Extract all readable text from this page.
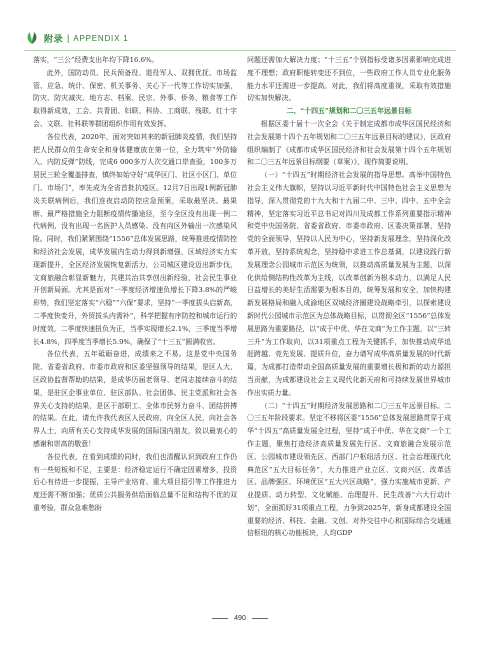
附录 | APPENDIX 1

落实，“三公”经费支出年均下降16.6%。

此外，国防动员、民兵预备役、退役军人、双拥优抚、市场监管、应急、统计、保密、机关事务、关心下一代等工作切实加强，防灾、防灾减灾、地方志、档案、民宗、外事、侨务、粮食等工作取得新成效，工会、共青团、妇联、科协、工商联、残联、红十字会、文联、社科联等群团组织作用有效发挥。

各位代表，2020年，面对突如其来的新冠肺炎疫情，我们坚持把人民群众的生命安全和身体健康放在第一位，全力筑牢“外防输入、内防反弹”防线，完成6 000多万人次交通口岸查验，100多万居民三轮全覆盖排查，镇终如始守好“成华区门、社区小区门、单位门、市场门”，率先成为全省首批抗疫区。12月7日出现1例新冠肺炎关联病例后，我们连夜启动防控应急预案，采取最坚决、最果断、最严格措施全力阻断疫情传播途径，至今全区没有出现一例二代病例，没有出现一名医护人员感染、没有向区外输出一次感染风险。同时，我们紧紧围绕“1556”总体发展思路，统筹推进疫情防控和经济社会发展，成华发展内生动力得到新增强，区域经济实力实现新提升，全区经济发展恢复新活力，公司城区建设迈出新步伐，文商旅融合彰显新魅力，共建共治共享创出新经验，社会民生事业开创新局面。尤其是面对“一季度经济增速负增长下降3.8%的严峻形势，我们坚定落实“六稳”“六保”要求，坚持“一季度拔头启新高，二季度快变升，外贸拔头内需补”，科学把握有序防控和城市运行的时度效，二季度快速扭负为正，当季实现增长2.1%，三季度当季增长4.8%，四季度当季增长5.9%，确保了“十三五”圆满收官。

各位代表，五年砥砺奋进，成绩来之不易。这是党中央国务院、省委省政府、市委市政府和区委坚强领导的结果，是区人大、区政协监督帮助的结果，是成华历届老领导、老同志接续奋斗的结果，是驻区企事业单位、驻区部队、社会团体、民主党派和社会各界关心支持的结果，是区干部职工、全体市民努力奋斗、团结拼搏的结果。在此，请允许我代表区人民政府，向全区人民，向社会各界人士，向所有关心支持成华发展的国际国内朋友，致以最衷心的感谢和崇高的敬意！

各位代表，在看到成绩的同时，我们也清醒认识到政府工作仍有一些短板和不足，主要是：经济稳定运行不确定因素增多，投资后心有待进一步提振，主导产业培育、重大项目招引等工作推进力度还需不断加强；优质公共服务供给面临总量不足和结构不优的双重考验，群众急难愁盼

问题还需加大解决力度；“十三五”个别指标受诸多因素影响完成进度不理想；政府职能转变还不到位，一些政府工作人员专业化服务能力水平还需进一步提高。对此，我们将高度重视，采取有效措施切实加快解决。

二、“十四五”规划和二〇三五年远景目标

根据区委十届十一次全会《关于制定成都市成华区国民经济和社会发展第十四个五年规划和二〇三五年远景目标的建议》，区政府组织编制了《成都市成华区国民经济和社会发展第十四个五年规划和二〇三五年远景目标纲要（草案）》，现作简要说明。

（一）“十四五”时期经济社会发展的指导思想。高举中国特色社会主义伟大旗帜，坚持以习近平新时代中国特色社会主义思想为指导，深入贯彻党的十九大和十九届二中、三中、四中、五中全会精神，坚定落实习近平总书记对四川及成都工作系列重要指示精神和党中央国务院、省委省政府、市委市政府、区委决策部署，坚持党的全面领导，坚持以人民为中心，坚持新发展理念，坚持深化改革开放，坚持系统观念，坚持稳中求进工作总基调，以建设践行新发展理念公园城市示范区为统领，以推动高质量发展为主题，以深化供给侧结构性改革为主线，以改革创新为根本动力，以满足人民日益增长的美好生活需要为根本目的，统筹发展和安全，加快构建新发展格局和融入成渝地区双城经济圈建设战略牵引，以探索建设新时代公园城市示范区为总体战略目标，以贯彻全区“1556”总体发展思路为重要路径，以“成于中优、华在文商”为工作主题，以“三转三升”为工作取向，以31项重点工程为关键抓手，加快推动成华追赶跨越、竞先发展、提质升位，奋力谱写成华高质量发展的时代新篇，为成都打造带动全国高质量发展的重要增长极和新的动力源担当贡献，为成都建设社会主义现代化新天府和可持续发展世界城市作出实质力量。

（二）“十四五”时期经济发展思路和二〇三五年远景目标。二〇三五年阶段要求。坚定不移将区委“1556”总体发展思路贯穿于成华“十四五”高质量发展全过程，坚持“成于中优、华在文商”一个工作主题，聚焦打造经济高质量发展先行区、文商旅融合发展示范区、公园城市建设领先区、西部门户枢纽活力区、社会治理现代化典范区“五大目标任务”，大力推进产业立区、文商兴区、改革活区、品牌强区、环境优区“五大兴区战略”，强力实施城市更新、产业提质、动力转型、文化赋能、治理提升、民生改善“六大行动计划”，全面抓好31项重点工程，力争到2025年，新身成都建设全国重要的经济、科技、金融、文创、对外交往中心和国际综合交通通信枢纽的核心功能板块，人均GDP

490
